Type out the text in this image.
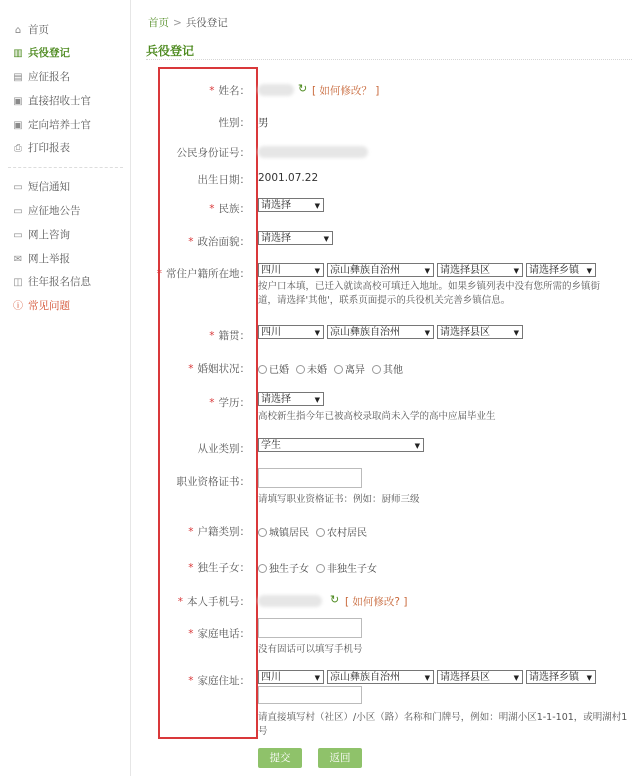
⌂ 首页
▥ 兵役登记
▤ 应征报名
▣ 直接招收士官
▣ 定向培养士官
⎙ 打印报表
▭ 短信通知
▭ 应征地公告
▭ 网上咨询
✉ 网上举报
◫ 往年报名信息
ⓘ 常见问题
首页 > 兵役登记
兵役登记
* 姓名：	↻ [ 如何修改？ ]
性别： 男
公民身份证号：
出生日期： 2001.07.22
* 民族：	请选择	▼
* 政治面貌：	请选择	▼
* 常住户籍所在地：	四川	▼	凉山彝族自治州	▼	请选择县区	▼	请选择乡镇 ▼
按户口本填，已迁入就读高校可填迁入地址。如果乡镇列表中没有您所需的乡镇街道，请选择'其他'，联系页面提示的兵役机关完善乡镇信息。
* 籍贯：	四川	▼	凉山彝族自治州	▼	请选择县区	▼
* 婚姻状况：	已婚 未婚 离异 其他
* 学历：	请选择	▼
高校新生指今年已被高校录取尚未入学的高中应届毕业生
从业类别：	学生	▼
职业资格证书：
请填写职业资格证书：例如：厨师三级
* 户籍类别：	城镇居民 农村居民
* 独生子女：	独生子女 非独生子女
* 本人手机号：	↻ [ 如何修改? ]
* 家庭电话：
没有固话可以填写手机号
* 家庭住址：	四川	▼	凉山彝族自治州	▼	请选择县区	▼	请选择乡镇 ▼
请直接填写村（社区）/小区（路）名称和门牌号，例如：明湖小区1-1-101，或明湖村1号
提交	返回
